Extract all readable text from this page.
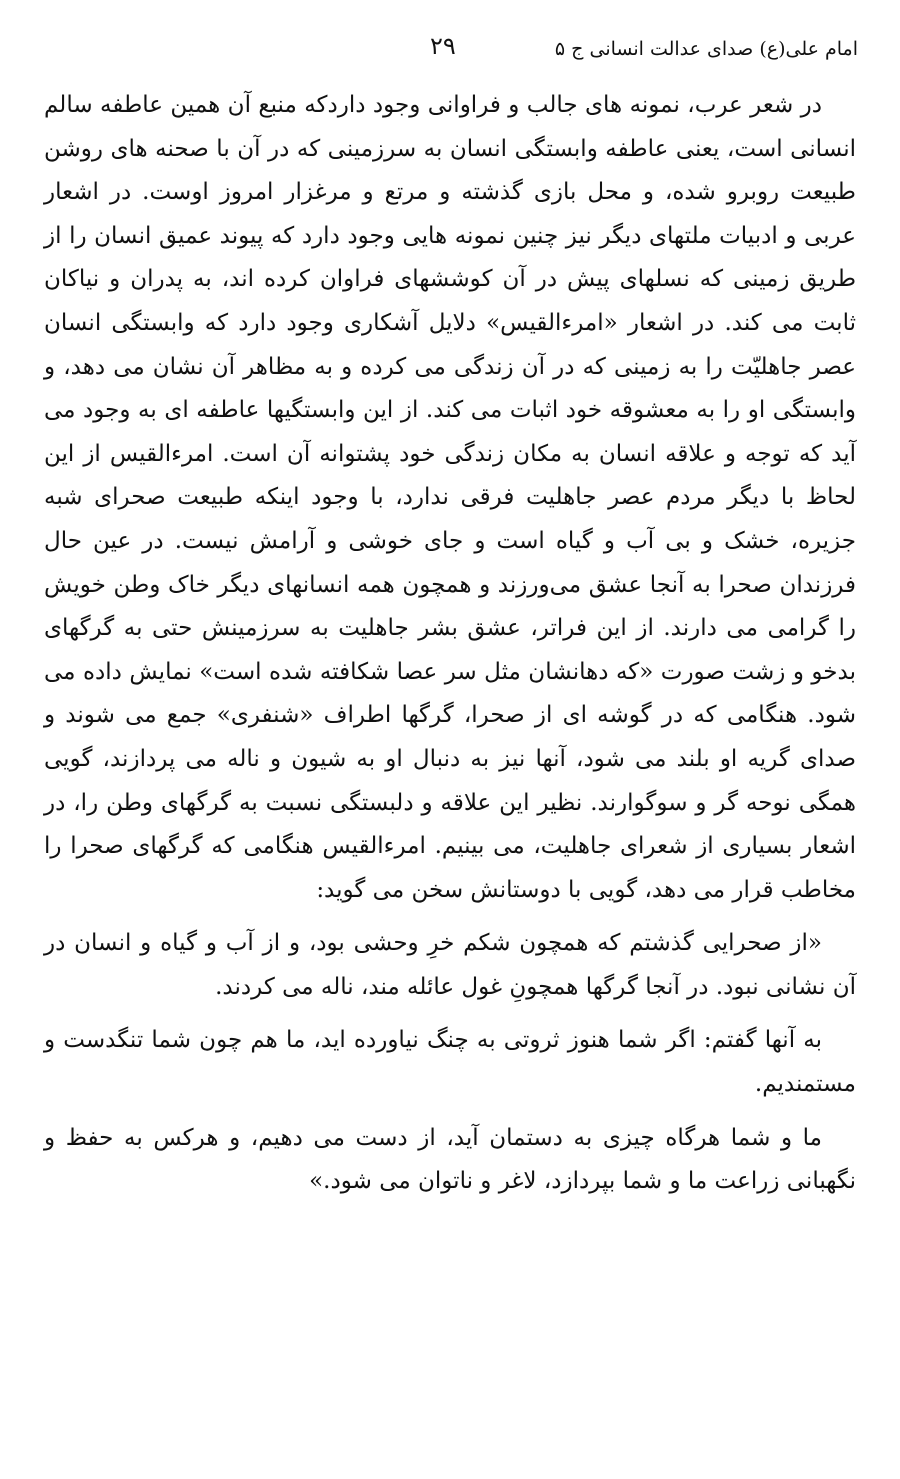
امام علی(ع) صدای عدالت انسانی ج ۵
۲۹

در شعر عرب، نمونه های جالب و فراوانی وجود داردکه منبع آن همین عاطفه سالم انسانی است، یعنی عاطفه وابستگی انسان به سرزمینی که در آن با صحنه های روشن طبیعت روبرو شده، و محل بازی گذشته و مرتع و مرغزار امروز اوست. در اشعار عربی و ادبیات ملتهای دیگر نیز چنین نمونه هایی وجود دارد که پیوند عمیق انسان را از طریق زمینی که نسلهای پیش در آن کوششهای فراوان کرده اند، به پدران و نیاکان ثابت می کند. در اشعار «امرءالقیس» دلایل آشکاری وجود دارد که وابستگی انسان عصر جاهلیّت را به زمینی که در آن زندگی می کرده و به مظاهر آن نشان می دهد، و وابستگی او را به معشوقه خود اثبات می کند. از این وابستگیها عاطفه ای به وجود می آید که توجه و علاقه انسان به مکان زندگی خود پشتوانه آن است. امرءالقیس از این لحاظ با دیگر مردم عصر جاهلیت فرقی ندارد، با وجود اینکه طبیعت صحرای شبه جزیره، خشک و بی آب و گیاه است و جای خوشی و آرامش نیست. در عین حال فرزندان صحرا به آنجا عشق می‌ورزند و همچون همه انسانهای دیگر خاک وطن خویش را گرامی می دارند. از این فراتر، عشق بشر جاهلیت به سرزمینش حتی به گرگهای بدخو و زشت صورت «که دهانشان مثل سر عصا شکافته شده است» نمایش داده می شود. هنگامی که در گوشه ای از صحرا، گرگها اطراف «شنفری» جمع می شوند و صدای گریه او بلند می شود، آنها نیز به دنبال او به شیون و ناله می پردازند، گویی همگی نوحه گر و سوگوارند. نظیر این علاقه و دلبستگی نسبت به گرگهای وطن را، در اشعار بسیاری از شعرای جاهلیت، می بینیم. امرءالقیس هنگامی که گرگهای صحرا را مخاطب قرار می دهد، گویی با دوستانش سخن می گوید:

«از صحرایی گذشتم که همچون شکم خرِ وحشی بود، و از آب و گیاه و انسان در آن نشانی نبود. در آنجا گرگها همچونِ غول عائله مند، ناله می کردند.

به آنها گفتم: اگر شما هنوز ثروتی به چنگ نیاورده اید، ما هم چون شما تنگدست و مستمندیم.

ما و شما هرگاه چیزی به دستمان آید، از دست می دهیم، و هرکس به حفظ و نگهبانی زراعت ما و شما بپردازد، لاغر و ناتوان می شود.»
